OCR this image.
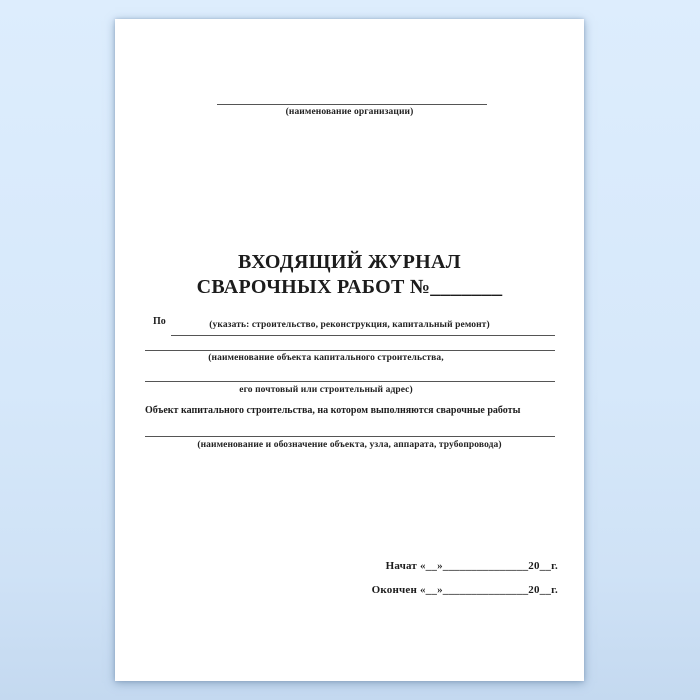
(наименование организации)
ВХОДЯЩИЙ ЖУРНАЛ
СВАРОЧНЫХ РАБОТ №_______
По	(указать: строительство, реконструкция, капитальный ремонт)
(наименование объекта капитального строительства,
его почтовый или строительный адрес)
Объект капитального строительства, на котором выполняются сварочные работы
(наименование и обозначение объекта, узла, аппарата, трубопровода)
Начат «__»_______________20__г.
Окончен «__»_______________20__г.
